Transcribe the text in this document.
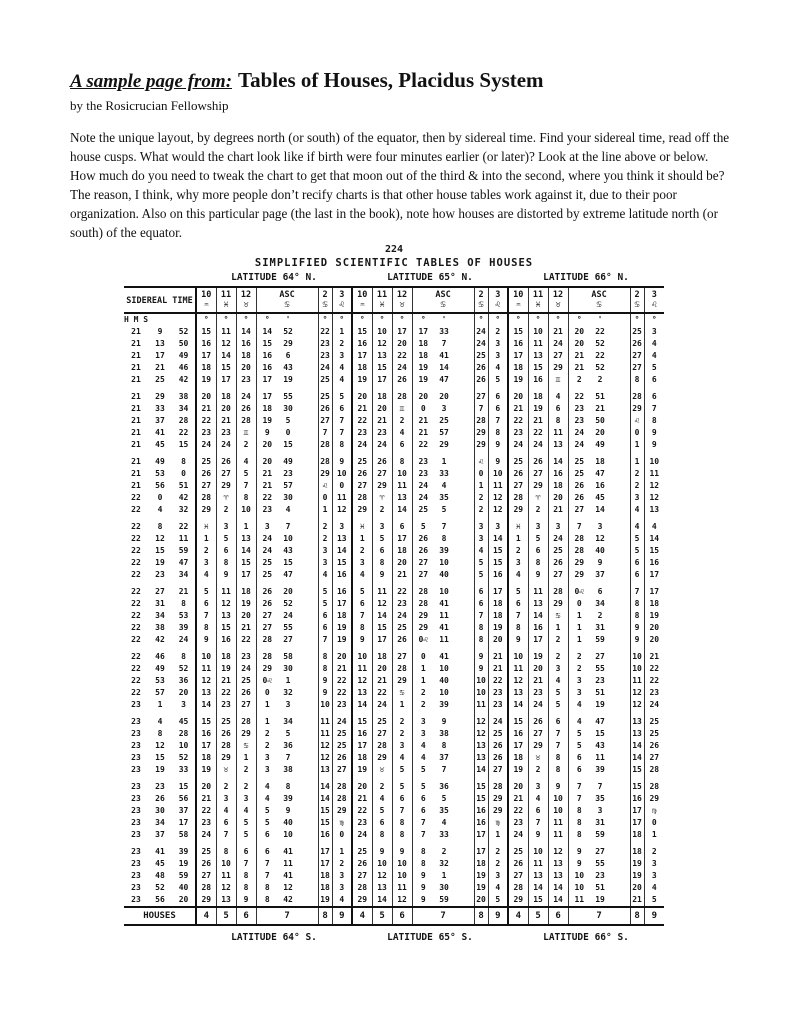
A sample page from: Tables of Houses, Placidus System

by the Rosicrucian Fellowship

Note the unique layout, by degrees north (or south) of the equator, then by sidereal time. Find your sidereal time, read off the house cusps. What would the chart look like if birth were four minutes earlier (or later)? Look at the line above or below. How much do you need to tweak the chart to get that moon out of the third & into the second, where you think it should be? The reason, I think, why more people don’t recify charts is that other house tables work against it, due to their poor organization. Also on this particular page (the last in the book), note how houses are distorted by extreme latitude north (or south) of the equator.

224
SIMPLIFIED SCIENTIFIC TABLES OF HOUSES
LATITUDE 64° N.	LATITUDE 65° N.	LATITUDE 66° N.
SIDEREAL TIME			10	11	12	ASC			2	3	10	11	12	ASC			2	3	10	11	12	ASC			2	3
			♒	♓	♉	♋			♋	♌	♒	♓	♉	♋			♋	♌	♒	♓	♉	♋			♋	♌
H M S			°	°	°	°	'		°	°	°	°	°	°	'		°	°	°	°	°	°	'		°	°
21	9	52	15	11	14	14	52		22	1	15	10	17	17	33		24	2	15	10	21	20	22		25	3
21	13	50	16	12	16	15	29		23	2	16	12	20	18	7		24	3	16	11	24	20	52		26	4
21	17	49	17	14	18	16	6		23	3	17	13	22	18	41		25	3	17	13	27	21	22		27	4
21	21	46	18	15	20	16	43		24	4	18	15	24	19	14		26	4	18	15	29	21	52		27	5
21	25	42	19	17	23	17	19		25	4	19	17	26	19	47		26	5	19	16	♊	2	2		8	6
21	29	38	20	18	24	17	55		25	5	20	18	28	20	20		27	6	20	18	4	22	51		28	6
21	33	34	21	20	26	18	30		26	6	21	20	♊	0	3		7	6	21	19	6	23	21		29	7
21	37	28	22	21	28	19	5		27	7	22	21	2	21	25		28	7	22	21	8	23	50		♌	8
21	41	22	23	23	♊	9	0		7	7	23	23	4	21	57		29	8	23	22	11	24	20		0	9
21	45	15	24	24	2	20	15		28	8	24	24	6	22	29		29	9	24	24	13	24	49		1	9
21	49	8	25	26	4	20	49		28	9	25	26	8	23	1		♌	9	25	26	14	25	18		1	10
21	53	0	26	27	5	21	23		29	10	26	27	10	23	33		0	10	26	27	16	25	47		2	11
21	56	51	27	29	7	21	57		♌	0	27	29	11	24	4		1	11	27	29	18	26	16		2	12
22	0	42	28	♈	8	22	30		0	11	28	♈	13	24	35		2	12	28	♈	20	26	45		3	12
22	4	32	29	2	10	23	4		1	12	29	2	14	25	5		2	12	29	2	21	27	14		4	13
22	8	22	♓	3	1	3	7		2	3	♓	3	6	5	7		3	3	♓	3	3	7	3		4	4
22	12	11	1	5	13	24	10		2	13	1	5	17	26	8		3	14	1	5	24	28	12		5	14
22	15	59	2	6	14	24	43		3	14	2	6	18	26	39		4	15	2	6	25	28	40		5	15
22	19	47	3	8	15	25	15		3	15	3	8	20	27	10		5	15	3	8	26	29	9		6	16
22	23	34	4	9	17	25	47		4	16	4	9	21	27	40		5	16	4	9	27	29	37		6	17
22	27	21	5	11	18	26	20		5	16	5	11	22	28	10		6	17	5	11	28	0♌	6		7	17
22	31	8	6	12	19	26	52		5	17	6	12	23	28	41		6	18	6	13	29	0	34		8	18
22	34	53	7	13	20	27	24		6	18	7	14	24	29	11		7	18	7	14	♋	1	2		8	19
22	38	39	8	15	21	27	55		6	19	8	15	25	29	41		8	19	8	16	1	1	31		9	20
22	42	24	9	16	22	28	27		7	19	9	17	26	0♌	11		8	20	9	17	2	1	59		9	20
22	46	8	10	18	23	28	58		8	20	10	18	27	0	41		9	21	10	19	2	2	27		10	21
22	49	52	11	19	24	29	30		8	21	11	20	28	1	10		9	21	11	20	3	2	55		10	22
22	53	36	12	21	25	0♌	1		9	22	12	21	29	1	40		10	22	12	21	4	3	23		11	22
22	57	20	13	22	26	0	32		9	22	13	22	♋	2	10		10	23	13	23	5	3	51		12	23
23	1	3	14	23	27	1	3		10	23	14	24	1	2	39		11	23	14	24	5	4	19		12	24
23	4	45	15	25	28	1	34		11	24	15	25	2	3	9		12	24	15	26	6	4	47		13	25
23	8	28	16	26	29	2	5		11	25	16	27	2	3	38		12	25	16	27	7	5	15		13	25
23	12	10	17	28	♋	2	36		12	25	17	28	3	4	8		13	26	17	29	7	5	43		14	26
23	15	52	18	29	1	3	7		12	26	18	29	4	4	37		13	26	18	♉	8	6	11		14	27
23	19	33	19	♉	2	3	38		13	27	19	♉	5	5	7		14	27	19	2	8	6	39		15	28
23	23	15	20	2	2	4	8		14	28	20	2	5	5	36		15	28	20	3	9	7	7		15	28
23	26	56	21	3	3	4	39		14	28	21	4	6	6	5		15	29	21	4	10	7	35		16	29
23	30	37	22	4	4	5	9		15	29	22	5	7	6	35		16	29	22	6	10	8	3		17	♍
23	34	17	23	6	5	5	40		15	♍	23	6	8	7	4		16	♍	23	7	11	8	31		17	0
23	37	58	24	7	5	6	10		16	0	24	8	8	7	33		17	1	24	9	11	8	59		18	1
23	41	39	25	8	6	6	41		17	1	25	9	9	8	2		17	2	25	10	12	9	27		18	2
23	45	19	26	10	7	7	11		17	2	26	10	10	8	32		18	2	26	11	13	9	55		19	3
23	48	59	27	11	8	7	41		18	3	27	12	10	9	1		19	3	27	13	13	10	23		19	3
23	52	40	28	12	8	8	12		18	3	28	13	11	9	30		19	4	28	14	14	10	51		20	4
23	56	20	29	13	9	8	42		19	4	29	14	12	9	59		20	5	29	15	14	11	19		21	5
HOUSES			4	5	6	7			8	9	4	5	6	7			8	9	4	5	6	7			8	9
LATITUDE 64° S.	LATITUDE 65° S.	LATITUDE 66° S.
